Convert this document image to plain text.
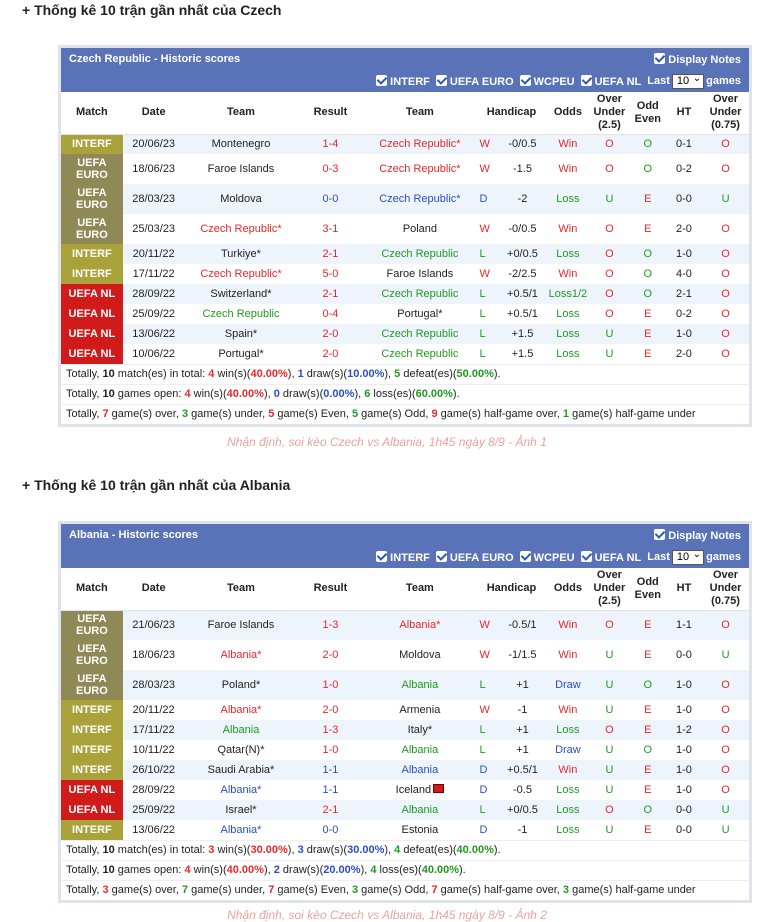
+ Thống kê 10 trận gần nhất của Czech
Czech Republic - Historic scores	Display Notes
INTERF	UEFA EURO	WCPEU	UEFA NL Last 10 ⌄ games
Match	Date	Team	Result	Team	Handicap	Odds	Over Under (2.5)	Odd Even	HT	Over Under (0.75)
INTERF	20/06/23	Montenegro	1-4	Czech Republic*	W -0/0.5	Win	O	O	0-1	O
UEFA EURO	18/06/23	Faroe Islands	0-3	Czech Republic*	W -1.5	Win	O	O	0-2	O
UEFA EURO	28/03/23	Moldova	0-0	Czech Republic*	D -2	Loss	U	E	0-0	U
UEFA EURO	25/03/23	Czech Republic*	3-1	Poland	W -0/0.5	Win	O	E	2-0	O
INTERF	20/11/22	Turkiye*	2-1	Czech Republic	L +0/0.5	Loss	O	O	1-0	O
INTERF	17/11/22	Czech Republic*	5-0	Faroe Islands	W -2/2.5	Win	O	O	4-0	O
UEFA NL	28/09/22	Switzerland*	2-1	Czech Republic	L +0.5/1	Loss1/2	O	O	2-1	O
UEFA NL	25/09/22	Czech Republic	0-4	Portugal*	L +0.5/1	Loss	O	E	0-2	O
UEFA NL	13/06/22	Spain*	2-0	Czech Republic	L +1.5	Loss	U	E	1-0	O
UEFA NL	10/06/22	Portugal*	2-0	Czech Republic	L +1.5	Loss	U	E	2-0	O
Totally, 10 match(es) in total: 4 win(s)(40.00%), 1 draw(s)(10.00%), 5 defeat(es)(50.00%).
Totally, 10 games open: 4 win(s)(40.00%), 0 draw(s)(0.00%), 6 loss(es)(60.00%).
Totally, 7 game(s) over, 3 game(s) under, 5 game(s) Even, 5 game(s) Odd, 9 game(s) half-game over, 1 game(s) half-game under
Nhận định, soi kèo Czech vs Albania, 1h45 ngày 8/9 - Ảnh 1
+ Thống kê 10 trận gần nhất của Albania
Albania - Historic scores	Display Notes
INTERF	UEFA EURO	WCPEU	UEFA NL Last 10 ⌄ games
Match	Date	Team	Result	Team	Handicap	Odds	Over Under (2.5)	Odd Even	HT	Over Under (0.75)
UEFA EURO	21/06/23	Faroe Islands	1-3	Albania*	W -0.5/1	Win	O	E	1-1	O
UEFA EURO	18/06/23	Albania*	2-0	Moldova	W -1/1.5	Win	U	E	0-0	U
UEFA EURO	28/03/23	Poland*	1-0	Albania	L +1	Draw	U	O	1-0	O
INTERF	20/11/22	Albania*	2-0	Armenia	W -1	Win	U	E	1-0	O
INTERF	17/11/22	Albania	1-3	Italy*	L +1	Loss	O	E	1-2	O
INTERF	10/11/22	Qatar(N)*	1-0	Albania	L +1	Draw	U	O	1-0	O
INTERF	26/10/22	Saudi Arabia*	1-1	Albania	D +0.5/1	Win	U	E	1-0	O
UEFA NL	28/09/22	Albania*	1-1	Iceland	D -0.5	Loss	U	E	1-0	O
UEFA NL	25/09/22	Israel*	2-1	Albania	L +0/0.5	Loss	O	O	0-0	U
INTERF	13/06/22	Albania*	0-0	Estonia	D -1	Loss	U	E	0-0	U
Totally, 10 match(es) in total: 3 win(s)(30.00%), 3 draw(s)(30.00%), 4 defeat(es)(40.00%).
Totally, 10 games open: 4 win(s)(40.00%), 2 draw(s)(20.00%), 4 loss(es)(40.00%).
Totally, 3 game(s) over, 7 game(s) under, 7 game(s) Even, 3 game(s) Odd, 7 game(s) half-game over, 3 game(s) half-game under
Nhận định, soi kèo Czech vs Albania, 1h45 ngày 8/9 - Ảnh 2
